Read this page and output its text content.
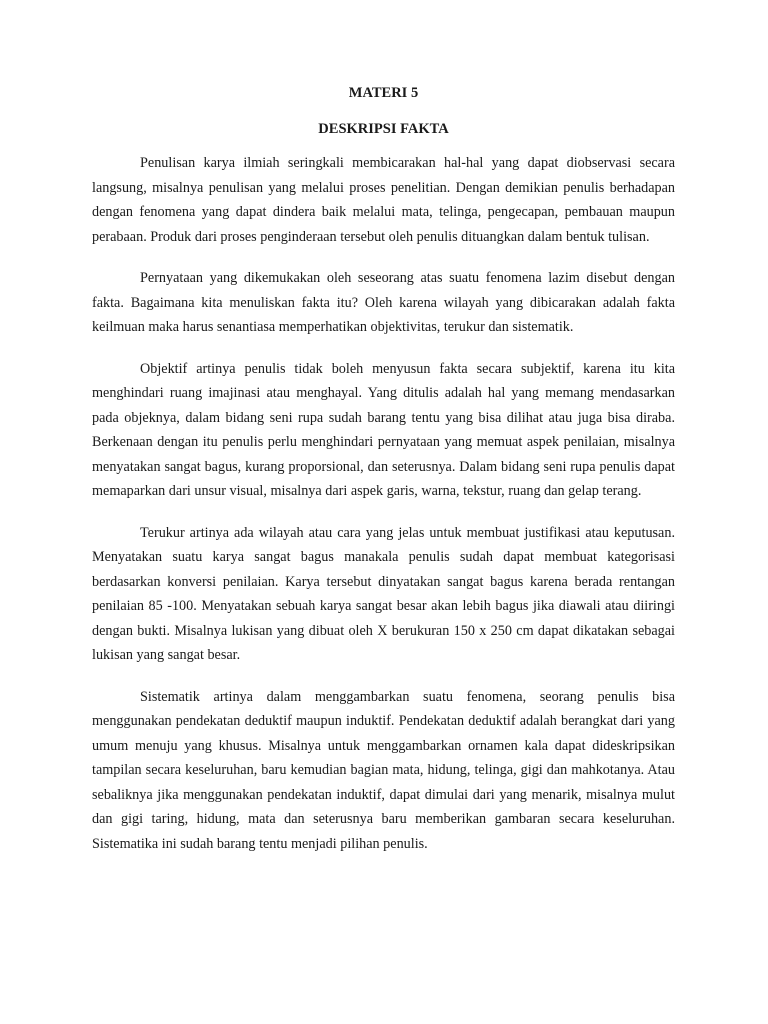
MATERI 5

DESKRIPSI FAKTA

Penulisan karya ilmiah seringkali membicarakan hal-hal yang dapat diobservasi secara langsung, misalnya penulisan yang melalui proses penelitian. Dengan demikian penulis berhadapan dengan fenomena yang dapat dindera baik melalui mata, telinga, pengecapan, pembauan maupun perabaan. Produk dari proses penginderaan tersebut oleh penulis dituangkan dalam bentuk tulisan.

Pernyataan yang dikemukakan oleh seseorang atas suatu fenomena lazim disebut dengan fakta. Bagaimana kita menuliskan fakta itu? Oleh karena wilayah yang dibicarakan adalah fakta keilmuan maka harus senantiasa memperhatikan objektivitas, terukur dan sistematik.

Objektif artinya penulis tidak boleh menyusun fakta secara subjektif, karena itu kita menghindari ruang imajinasi atau menghayal. Yang ditulis adalah hal yang memang mendasarkan pada objeknya, dalam bidang seni rupa sudah barang tentu yang bisa dilihat atau juga bisa diraba. Berkenaan dengan itu penulis perlu menghindari pernyataan yang memuat aspek penilaian, misalnya menyatakan sangat bagus, kurang proporsional, dan seterusnya. Dalam bidang seni rupa penulis dapat memaparkan dari unsur visual, misalnya dari aspek garis, warna, tekstur, ruang dan gelap terang.

Terukur artinya ada wilayah atau cara yang jelas untuk membuat justifikasi atau keputusan. Menyatakan suatu karya sangat bagus manakala penulis sudah dapat membuat kategorisasi berdasarkan konversi penilaian. Karya tersebut dinyatakan sangat bagus karena berada rentangan penilaian 85 -100. Menyatakan sebuah karya sangat besar akan lebih bagus jika diawali atau diiringi dengan bukti. Misalnya lukisan yang dibuat oleh X berukuran 150 x 250 cm dapat dikatakan sebagai lukisan yang sangat besar.

Sistematik artinya dalam menggambarkan suatu fenomena, seorang penulis bisa menggunakan pendekatan deduktif maupun induktif. Pendekatan deduktif adalah berangkat dari yang umum menuju yang khusus. Misalnya untuk menggambarkan ornamen kala dapat dideskripsikan tampilan secara keseluruhan, baru kemudian bagian mata, hidung, telinga, gigi dan mahkotanya. Atau sebaliknya jika menggunakan pendekatan induktif, dapat dimulai dari yang menarik, misalnya mulut dan gigi taring, hidung, mata dan seterusnya baru memberikan gambaran secara keseluruhan. Sistematika ini sudah barang tentu menjadi pilihan penulis.
